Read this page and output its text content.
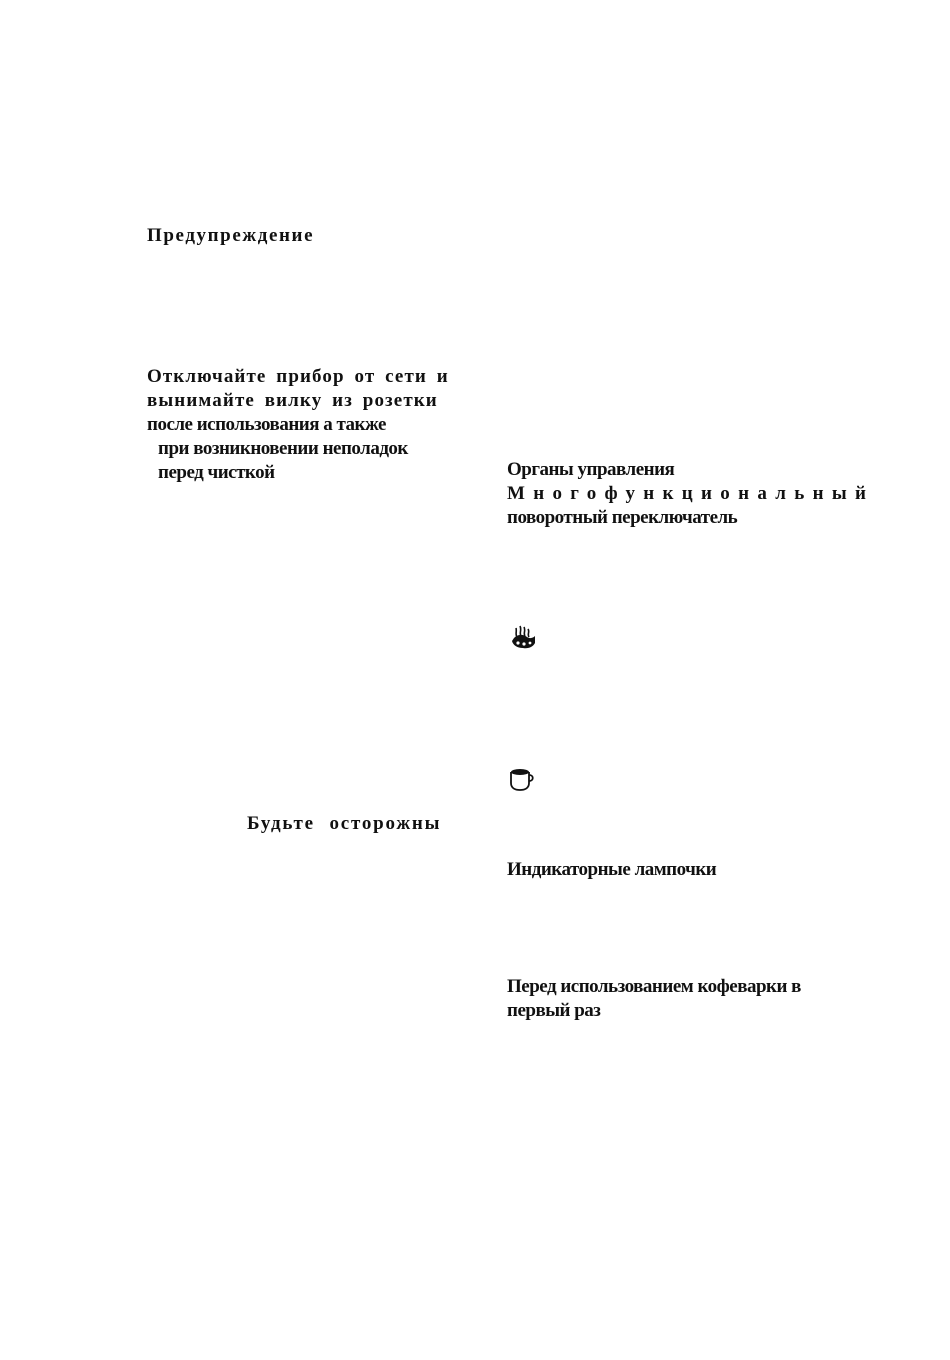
Предупреждение
Отключайте прибор от сети и
вынимайте вилку из розетки
после использования а также
при возникновении неполадок
перед чисткой
Будьте осторожны
Органы управления
Многофункциональный
поворотный переключатель
Индикаторные лампочки
Перед использованием кофеварки в
первый раз
